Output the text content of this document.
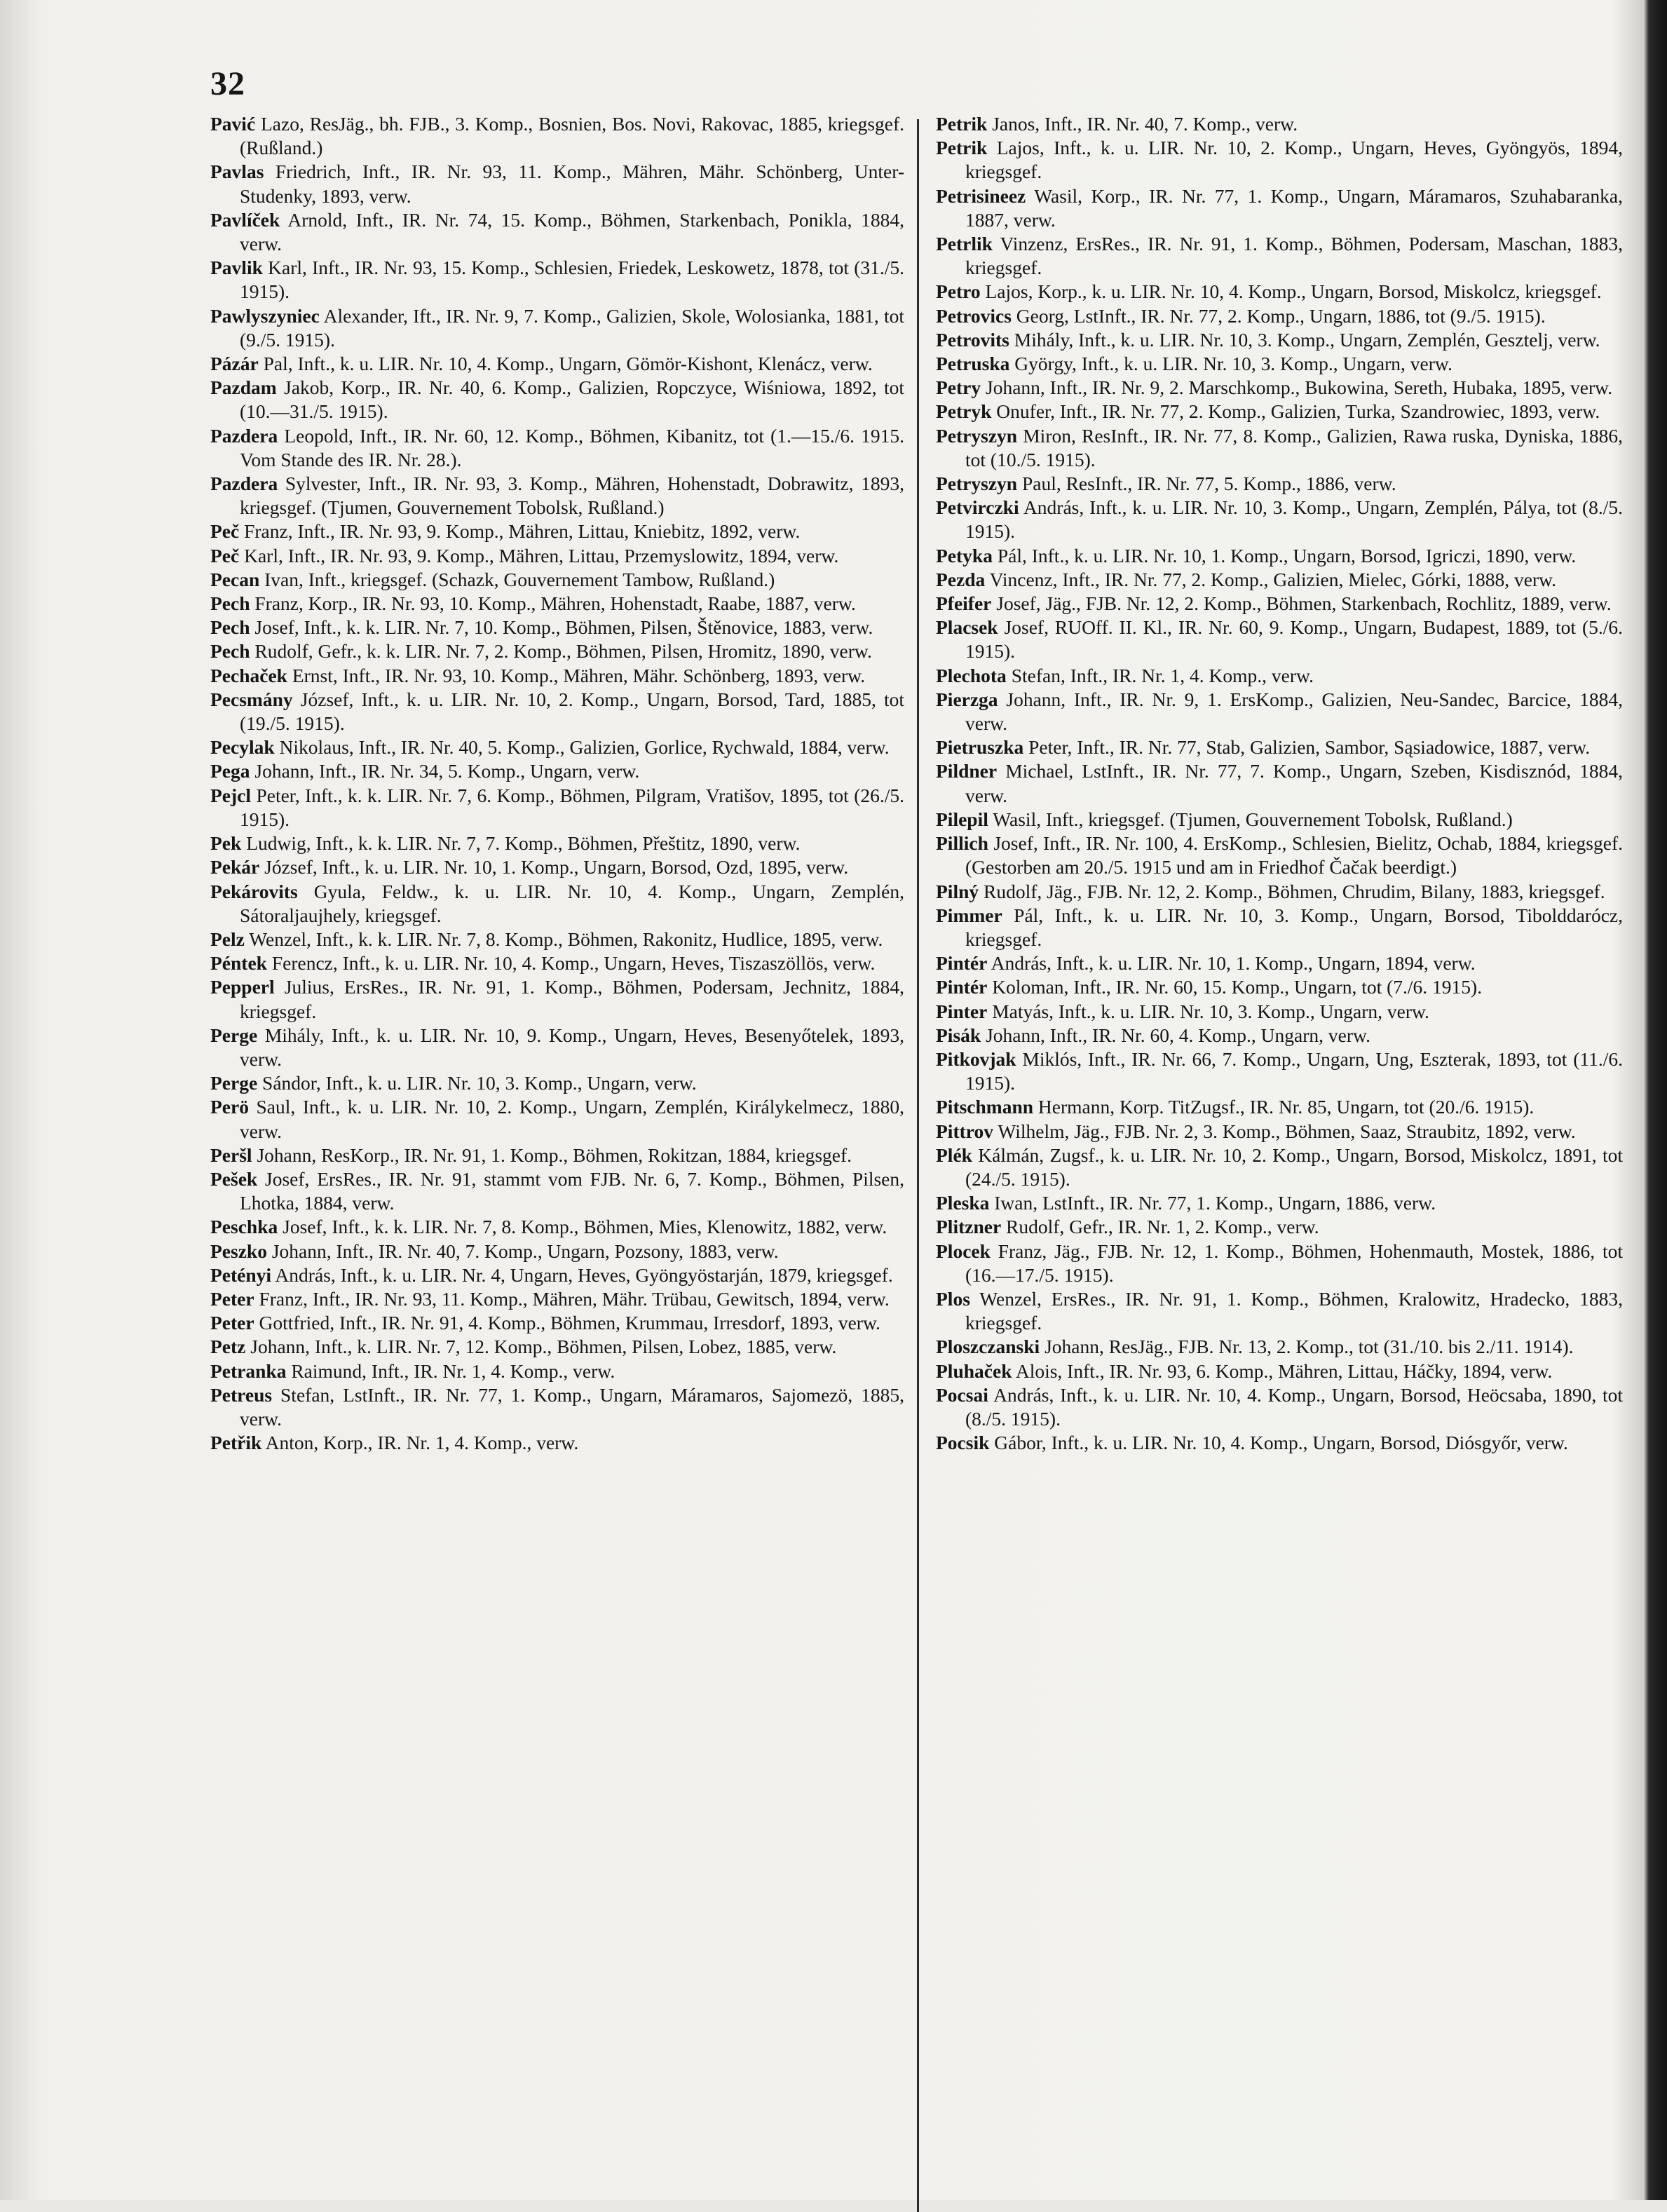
32

Pavić Lazo, ResJäg., bh. FJB., 3. Komp., Bosnien, Bos. Novi, Rakovac, 1885, kriegsgef. (Rußland.)

Pavlas Friedrich, Inft., IR. Nr. 93, 11. Komp., Mähren, Mähr. Schönberg, Unter-Studenky, 1893, verw.

Pavlíček Arnold, Inft., IR. Nr. 74, 15. Komp., Böhmen, Starkenbach, Ponikla, 1884, verw.

Pavlik Karl, Inft., IR. Nr. 93, 15. Komp., Schlesien, Friedek, Leskowetz, 1878, tot (31./5. 1915).

Pawlyszyniec Alexander, Ift., IR. Nr. 9, 7. Komp., Galizien, Skole, Wolosianka, 1881, tot (9./5. 1915).

Pázár Pal, Inft., k. u. LIR. Nr. 10, 4. Komp., Ungarn, Gömör-Kishont, Klenácz, verw.

Pazdam Jakob, Korp., IR. Nr. 40, 6. Komp., Galizien, Ropczyce, Wiśniowa, 1892, tot (10.—31./5. 1915).

Pazdera Leopold, Inft., IR. Nr. 60, 12. Komp., Böhmen, Kibanitz, tot (1.—15./6. 1915. Vom Stande des IR. Nr. 28.).

Pazdera Sylvester, Inft., IR. Nr. 93, 3. Komp., Mähren, Hohenstadt, Dobrawitz, 1893, kriegsgef. (Tjumen, Gouvernement Tobolsk, Rußland.)

Peč Franz, Inft., IR. Nr. 93, 9. Komp., Mähren, Littau, Kniebitz, 1892, verw.

Peč Karl, Inft., IR. Nr. 93, 9. Komp., Mähren, Littau, Przemyslowitz, 1894, verw.

Pecan Ivan, Inft., kriegsgef. (Schazk, Gouvernement Tambow, Rußland.)

Pech Franz, Korp., IR. Nr. 93, 10. Komp., Mähren, Hohenstadt, Raabe, 1887, verw.

Pech Josef, Inft., k. k. LIR. Nr. 7, 10. Komp., Böhmen, Pilsen, Štěnovice, 1883, verw.

Pech Rudolf, Gefr., k. k. LIR. Nr. 7, 2. Komp., Böhmen, Pilsen, Hromitz, 1890, verw.

Pechaček Ernst, Inft., IR. Nr. 93, 10. Komp., Mähren, Mähr. Schönberg, 1893, verw.

Pecsmány József, Inft., k. u. LIR. Nr. 10, 2. Komp., Ungarn, Borsod, Tard, 1885, tot (19./5. 1915).

Pecylak Nikolaus, Inft., IR. Nr. 40, 5. Komp., Galizien, Gorlice, Rychwald, 1884, verw.

Pega Johann, Inft., IR. Nr. 34, 5. Komp., Ungarn, verw.

Pejcl Peter, Inft., k. k. LIR. Nr. 7, 6. Komp., Böhmen, Pilgram, Vratišov, 1895, tot (26./5. 1915).

Pek Ludwig, Inft., k. k. LIR. Nr. 7, 7. Komp., Böhmen, Přeštitz, 1890, verw.

Pekár József, Inft., k. u. LIR. Nr. 10, 1. Komp., Ungarn, Borsod, Ozd, 1895, verw.

Pekárovits Gyula, Feldw., k. u. LIR. Nr. 10, 4. Komp., Ungarn, Zemplén, Sátoraljaujhely, kriegsgef.

Pelz Wenzel, Inft., k. k. LIR. Nr. 7, 8. Komp., Böhmen, Rakonitz, Hudlice, 1895, verw.

Péntek Ferencz, Inft., k. u. LIR. Nr. 10, 4. Komp., Ungarn, Heves, Tiszaszöllös, verw.

Pepperl Julius, ErsRes., IR. Nr. 91, 1. Komp., Böhmen, Podersam, Jechnitz, 1884, kriegsgef.

Perge Mihály, Inft., k. u. LIR. Nr. 10, 9. Komp., Ungarn, Heves, Besenyőtelek, 1893, verw.

Perge Sándor, Inft., k. u. LIR. Nr. 10, 3. Komp., Ungarn, verw.

Perö Saul, Inft., k. u. LIR. Nr. 10, 2. Komp., Ungarn, Zemplén, Királykelmecz, 1880, verw.

Peršl Johann, ResKorp., IR. Nr. 91, 1. Komp., Böhmen, Rokitzan, 1884, kriegsgef.

Pešek Josef, ErsRes., IR. Nr. 91, stammt vom FJB. Nr. 6, 7. Komp., Böhmen, Pilsen, Lhotka, 1884, verw.

Peschka Josef, Inft., k. k. LIR. Nr. 7, 8. Komp., Böhmen, Mies, Klenowitz, 1882, verw.

Peszko Johann, Inft., IR. Nr. 40, 7. Komp., Ungarn, Pozsony, 1883, verw.

Petényi András, Inft., k. u. LIR. Nr. 4, Ungarn, Heves, Gyöngyöstarján, 1879, kriegsgef.

Peter Franz, Inft., IR. Nr. 93, 11. Komp., Mähren, Mähr. Trübau, Gewitsch, 1894, verw.

Peter Gottfried, Inft., IR. Nr. 91, 4. Komp., Böhmen, Krummau, Irresdorf, 1893, verw.

Petz Johann, Inft., k. LIR. Nr. 7, 12. Komp., Böhmen, Pilsen, Lobez, 1885, verw.

Petranka Raimund, Inft., IR. Nr. 1, 4. Komp., verw.

Petreus Stefan, LstInft., IR. Nr. 77, 1. Komp., Ungarn, Máramaros, Sajomezö, 1885, verw.

Petřik Anton, Korp., IR. Nr. 1, 4. Komp., verw.

Petrik Janos, Inft., IR. Nr. 40, 7. Komp., verw.

Petrik Lajos, Inft., k. u. LIR. Nr. 10, 2. Komp., Ungarn, Heves, Gyöngyös, 1894, kriegsgef.

Petrisineez Wasil, Korp., IR. Nr. 77, 1. Komp., Ungarn, Máramaros, Szuhabaranka, 1887, verw.

Petrlik Vinzenz, ErsRes., IR. Nr. 91, 1. Komp., Böhmen, Podersam, Maschan, 1883, kriegsgef.

Petro Lajos, Korp., k. u. LIR. Nr. 10, 4. Komp., Ungarn, Borsod, Miskolcz, kriegsgef.

Petrovics Georg, LstInft., IR. Nr. 77, 2. Komp., Ungarn, 1886, tot (9./5. 1915).

Petrovits Mihály, Inft., k. u. LIR. Nr. 10, 3. Komp., Ungarn, Zemplén, Gesztelj, verw.

Petruska György, Inft., k. u. LIR. Nr. 10, 3. Komp., Ungarn, verw.

Petry Johann, Inft., IR. Nr. 9, 2. Marschkomp., Bukowina, Sereth, Hubaka, 1895, verw.

Petryk Onufer, Inft., IR. Nr. 77, 2. Komp., Galizien, Turka, Szandrowiec, 1893, verw.

Petryszyn Miron, ResInft., IR. Nr. 77, 8. Komp., Galizien, Rawa ruska, Dyniska, 1886, tot (10./5. 1915).

Petryszyn Paul, ResInft., IR. Nr. 77, 5. Komp., 1886, verw.

Petvirczki András, Inft., k. u. LIR. Nr. 10, 3. Komp., Ungarn, Zemplén, Pálya, tot (8./5. 1915).

Petyka Pál, Inft., k. u. LIR. Nr. 10, 1. Komp., Ungarn, Borsod, Igriczi, 1890, verw.

Pezda Vincenz, Inft., IR. Nr. 77, 2. Komp., Galizien, Mielec, Górki, 1888, verw.

Pfeifer Josef, Jäg., FJB. Nr. 12, 2. Komp., Böhmen, Starkenbach, Rochlitz, 1889, verw.

Placsek Josef, RUOff. II. Kl., IR. Nr. 60, 9. Komp., Ungarn, Budapest, 1889, tot (5./6. 1915).

Plechota Stefan, Inft., IR. Nr. 1, 4. Komp., verw.

Pierzga Johann, Inft., IR. Nr. 9, 1. ErsKomp., Galizien, Neu-Sandec, Barcice, 1884, verw.

Pietruszka Peter, Inft., IR. Nr. 77, Stab, Galizien, Sambor, Sąsiadowice, 1887, verw.

Pildner Michael, LstInft., IR. Nr. 77, 7. Komp., Ungarn, Szeben, Kisdisznód, 1884, verw.

Pilepil Wasil, Inft., kriegsgef. (Tjumen, Gouvernement Tobolsk, Rußland.)

Pillich Josef, Inft., IR. Nr. 100, 4. ErsKomp., Schlesien, Bielitz, Ochab, 1884, kriegsgef. (Gestorben am 20./5. 1915 und am in Friedhof Čačak beerdigt.)

Pilný Rudolf, Jäg., FJB. Nr. 12, 2. Komp., Böhmen, Chrudim, Bilany, 1883, kriegsgef.

Pimmer Pál, Inft., k. u. LIR. Nr. 10, 3. Komp., Ungarn, Borsod, Tibolddarócz, kriegsgef.

Pintér András, Inft., k. u. LIR. Nr. 10, 1. Komp., Ungarn, 1894, verw.

Pintér Koloman, Inft., IR. Nr. 60, 15. Komp., Ungarn, tot (7./6. 1915).

Pinter Matyás, Inft., k. u. LIR. Nr. 10, 3. Komp., Ungarn, verw.

Pisák Johann, Inft., IR. Nr. 60, 4. Komp., Ungarn, verw.

Pitkovjak Miklós, Inft., IR. Nr. 66, 7. Komp., Ungarn, Ung, Eszterak, 1893, tot (11./6. 1915).

Pitschmann Hermann, Korp. TitZugsf., IR. Nr. 85, Ungarn, tot (20./6. 1915).

Pittrov Wilhelm, Jäg., FJB. Nr. 2, 3. Komp., Böhmen, Saaz, Straubitz, 1892, verw.

Plék Kálmán, Zugsf., k. u. LIR. Nr. 10, 2. Komp., Ungarn, Borsod, Miskolcz, 1891, tot (24./5. 1915).

Pleska Iwan, LstInft., IR. Nr. 77, 1. Komp., Ungarn, 1886, verw.

Plitzner Rudolf, Gefr., IR. Nr. 1, 2. Komp., verw.

Plocek Franz, Jäg., FJB. Nr. 12, 1. Komp., Böhmen, Hohenmauth, Mostek, 1886, tot (16.—17./5. 1915).

Plos Wenzel, ErsRes., IR. Nr. 91, 1. Komp., Böhmen, Kralowitz, Hradecko, 1883, kriegsgef.

Ploszczanski Johann, ResJäg., FJB. Nr. 13, 2. Komp., tot (31./10. bis 2./11. 1914).

Pluhaček Alois, Inft., IR. Nr. 93, 6. Komp., Mähren, Littau, Háčky, 1894, verw.

Pocsai András, Inft., k. u. LIR. Nr. 10, 4. Komp., Ungarn, Borsod, Heöcsaba, 1890, tot (8./5. 1915).

Pocsik Gábor, Inft., k. u. LIR. Nr. 10, 4. Komp., Ungarn, Borsod, Diósgyőr, verw.
